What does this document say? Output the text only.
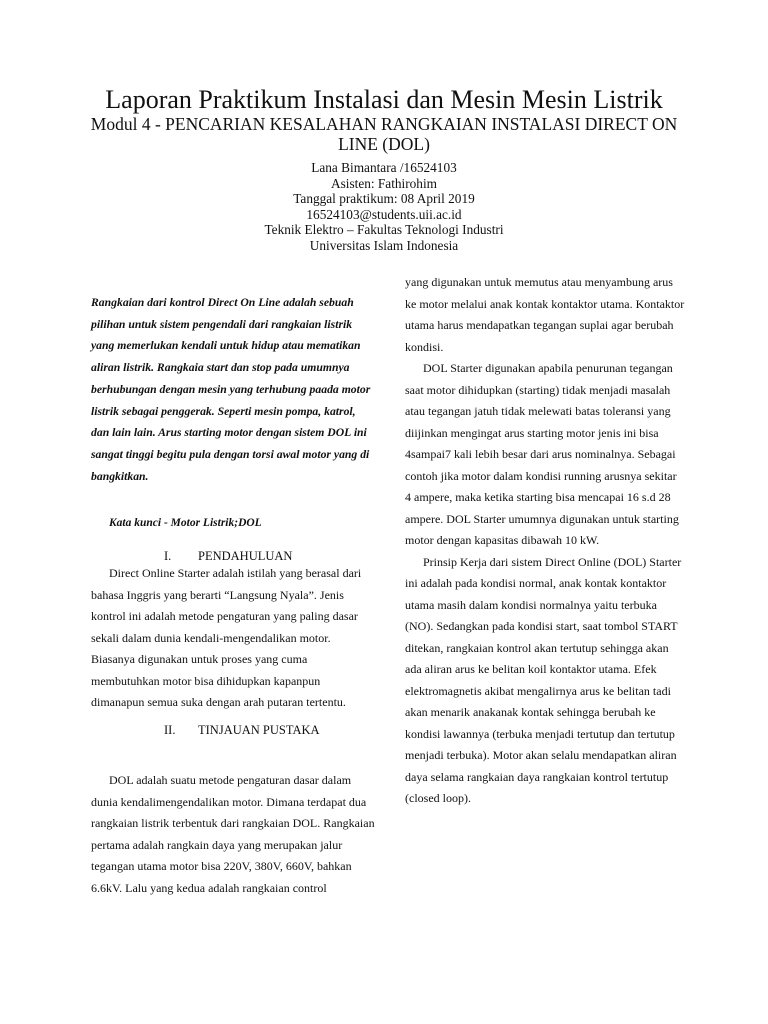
Laporan Praktikum Instalasi dan Mesin Mesin Listrik
Modul 4 - PENCARIAN KESALAHAN RANGKAIAN INSTALASI DIRECT ON LINE (DOL)
Lana Bimantara /16524103
Asisten: Fathirohim
Tanggal praktikum: 08 April 2019
16524103@students.uii.ac.id
Teknik Elektro – Fakultas Teknologi Industri
Universitas Islam Indonesia

Rangkaian dari kontrol Direct On Line adalah sebuah pilihan untuk sistem pengendali dari rangkaian listrik yang memerlukan kendali untuk hidup atau mematikan aliran listrik. Rangkaia start dan stop pada umumnya berhubungan dengan mesin yang terhubung paada motor listrik sebagai penggerak. Seperti mesin pompa, katrol, dan lain lain. Arus starting motor dengan sistem DOL ini sangat tinggi begitu pula dengan torsi awal motor yang di bangkitkan.

Kata kunci - Motor Listrik;DOL

I. PENDAHULUAN

Direct Online Starter adalah istilah yang berasal dari bahasa Inggris yang berarti “Langsung Nyala”. Jenis kontrol ini adalah metode pengaturan yang paling dasar sekali dalam dunia kendali-mengendalikan motor. Biasanya digunakan untuk proses yang cuma membutuhkan motor bisa dihidupkan kapanpun dimanapun semua suka dengan arah putaran tertentu.

II. TINJAUAN PUSTAKA

DOL adalah suatu metode pengaturan dasar dalam dunia kendalimengendalikan motor. Dimana terdapat dua rangkaian listrik terbentuk dari rangkaian DOL. Rangkaian pertama adalah rangkain daya yang merupakan jalur tegangan utama motor bisa 220V, 380V, 660V, bahkan 6.6kV. Lalu yang kedua adalah rangkaian control

yang digunakan untuk memutus atau menyambung arus ke motor melalui anak kontak kontaktor utama. Kontaktor utama harus mendapatkan tegangan suplai agar berubah kondisi.

DOL Starter digunakan apabila penurunan tegangan saat motor dihidupkan (starting) tidak menjadi masalah atau tegangan jatuh tidak melewati batas toleransi yang diijinkan mengingat arus starting motor jenis ini bisa 4sampai7 kali lebih besar dari arus nominalnya. Sebagai contoh jika motor dalam kondisi running arusnya sekitar 4 ampere, maka ketika starting bisa mencapai 16 s.d 28 ampere. DOL Starter umumnya digunakan untuk starting motor dengan kapasitas dibawah 10 kW.

Prinsip Kerja dari sistem Direct Online (DOL) Starter ini adalah pada kondisi normal, anak kontak kontaktor utama masih dalam kondisi normalnya yaitu terbuka (NO). Sedangkan pada kondisi start, saat tombol START ditekan, rangkaian kontrol akan tertutup sehingga akan ada aliran arus ke belitan koil kontaktor utama. Efek elektromagnetis akibat mengalirnya arus ke belitan tadi akan menarik anakanak kontak sehingga berubah ke kondisi lawannya (terbuka menjadi tertutup dan tertutup menjadi terbuka). Motor akan selalu mendapatkan aliran daya selama rangkaian daya rangkaian kontrol tertutup (closed loop).
